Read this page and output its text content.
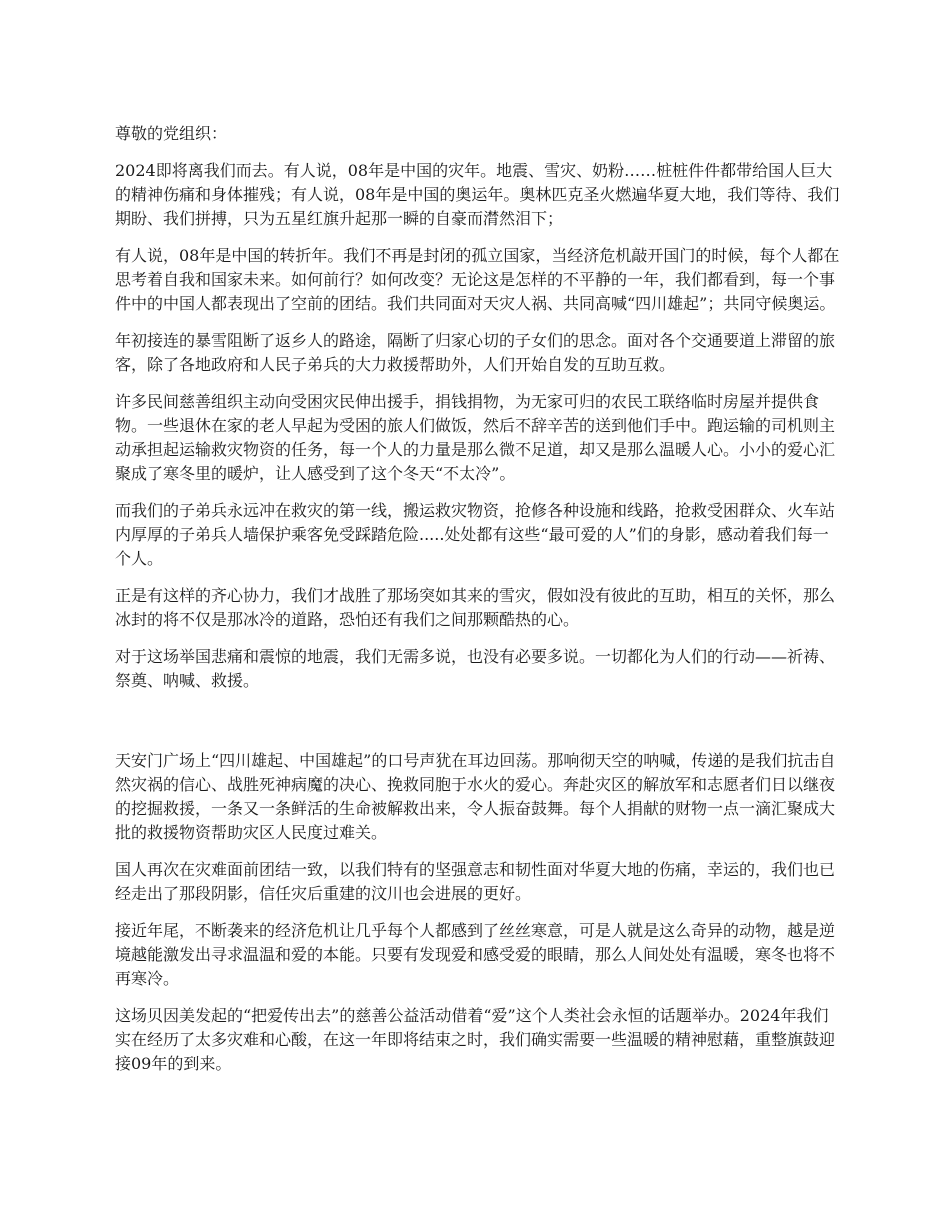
尊敬的党组织：

2024即将离我们而去。有人说，08年是中国的灾年。地震、雪灾、奶粉……桩桩件件都带给国人巨大的精神伤痛和身体摧残；有人说，08年是中国的奥运年。奥林匹克圣火燃遍华夏大地，我们等待、我们期盼、我们拼搏，只为五星红旗升起那一瞬的自豪而潸然泪下；

有人说，08年是中国的转折年。我们不再是封闭的孤立国家，当经济危机敲开国门的时候，每个人都在思考着自我和国家未来。如何前行？如何改变？无论这是怎样的不平静的一年，我们都看到，每一个事件中的中国人都表现出了空前的团结。我们共同面对天灾人祸、共同高喊“四川雄起”；共同守候奥运。

年初接连的暴雪阻断了返乡人的路途，隔断了归家心切的子女们的思念。面对各个交通要道上滞留的旅客，除了各地政府和人民子弟兵的大力救援帮助外，人们开始自发的互助互救。

许多民间慈善组织主动向受困灾民伸出援手，捐钱捐物，为无家可归的农民工联络临时房屋并提供食物。一些退休在家的老人早起为受困的旅人们做饭，然后不辞辛苦的送到他们手中。跑运输的司机则主动承担起运输救灾物资的任务，每一个人的力量是那么微不足道，却又是那么温暖人心。小小的爱心汇聚成了寒冬里的暖炉，让人感受到了这个冬天“不太冷”。

而我们的子弟兵永远冲在救灾的第一线，搬运救灾物资，抢修各种设施和线路，抢救受困群众、火车站内厚厚的子弟兵人墙保护乘客免受踩踏危险.....处处都有这些“最可爱的人”们的身影，感动着我们每一个人。

正是有这样的齐心协力，我们才战胜了那场突如其来的雪灾，假如没有彼此的互助，相互的关怀，那么冰封的将不仅是那冰冷的道路，恐怕还有我们之间那颗酷热的心。

对于这场举国悲痛和震惊的地震，我们无需多说，也没有必要多说。一切都化为人们的行动——祈祷、祭奠、呐喊、救援。

天安门广场上“四川雄起、中国雄起”的口号声犹在耳边回荡。那响彻天空的呐喊，传递的是我们抗击自然灾祸的信心、战胜死神病魔的决心、挽救同胞于水火的爱心。奔赴灾区的解放军和志愿者们日以继夜的挖掘救援，一条又一条鲜活的生命被解救出来，令人振奋鼓舞。每个人捐献的财物一点一滴汇聚成大批的救援物资帮助灾区人民度过难关。

国人再次在灾难面前团结一致，以我们特有的坚强意志和韧性面对华夏大地的伤痛，幸运的，我们也已经走出了那段阴影，信任灾后重建的汶川也会进展的更好。

接近年尾，不断袭来的经济危机让几乎每个人都感到了丝丝寒意，可是人就是这么奇异的动物，越是逆境越能激发出寻求温温和爱的本能。只要有发现爱和感受爱的眼睛，那么人间处处有温暖，寒冬也将不再寒冷。

这场贝因美发起的“把爱传出去”的慈善公益活动借着“爱”这个人类社会永恒的话题举办。2024年我们实在经历了太多灾难和心酸，在这一年即将结束之时，我们确实需要一些温暖的精神慰藉，重整旗鼓迎接09年的到来。
